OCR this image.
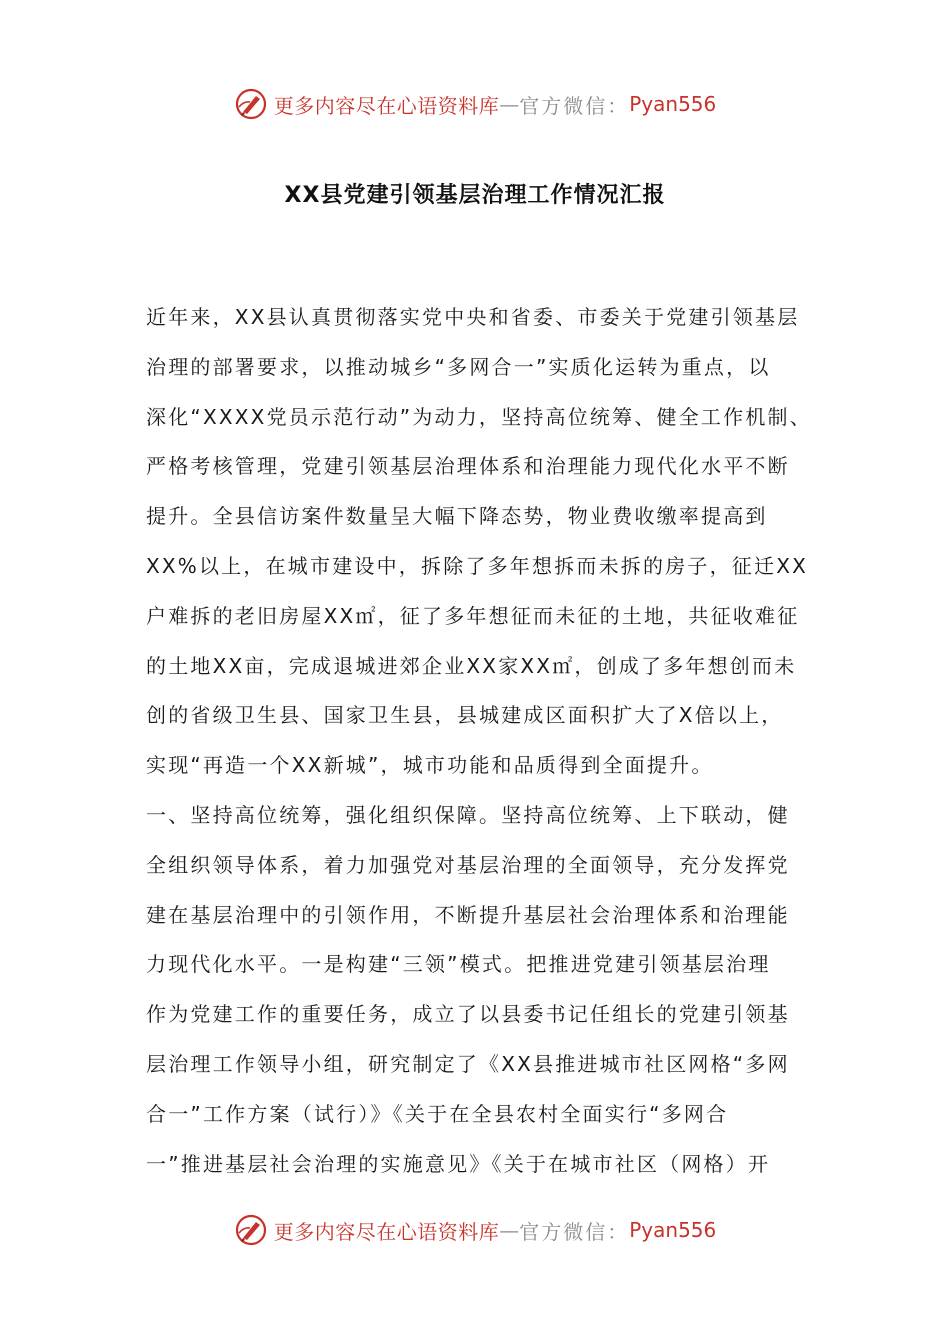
更多内容尽在心语资料库 — 官方微信： Pyan556
XX县党建引领基层治理工作情况汇报
近年来，XX县认真贯彻落实党中央和省委、市委关于党建引领基层
治理的部署要求，以推动城乡“多网合一”实质化运转为重点，以
深化“XXXX党员示范行动”为动力，坚持高位统筹、健全工作机制、
严格考核管理，党建引领基层治理体系和治理能力现代化水平不断
提升。全县信访案件数量呈大幅下降态势，物业费收缴率提高到
XX%以上，在城市建设中，拆除了多年想拆而未拆的房子，征迁XX
户难拆的老旧房屋XX㎡，征了多年想征而未征的土地，共征收难征
的土地XX亩，完成退城进郊企业XX家XX㎡，创成了多年想创而未
创的省级卫生县、国家卫生县，县城建成区面积扩大了X倍以上，
实现“再造一个XX新城”，城市功能和品质得到全面提升。
一、坚持高位统筹，强化组织保障。坚持高位统筹、上下联动，健
全组织领导体系，着力加强党对基层治理的全面领导，充分发挥党
建在基层治理中的引领作用，不断提升基层社会治理体系和治理能
力现代化水平。一是构建“三领”模式。把推进党建引领基层治理
作为党建工作的重要任务，成立了以县委书记任组长的党建引领基
层治理工作领导小组，研究制定了《XX县推进城市社区网格“多网
合一”工作方案（试行）》《关于在全县农村全面实行“多网合
一”推进基层社会治理的实施意见》《关于在城市社区（网格）开
更多内容尽在心语资料库 — 官方微信： Pyan556
